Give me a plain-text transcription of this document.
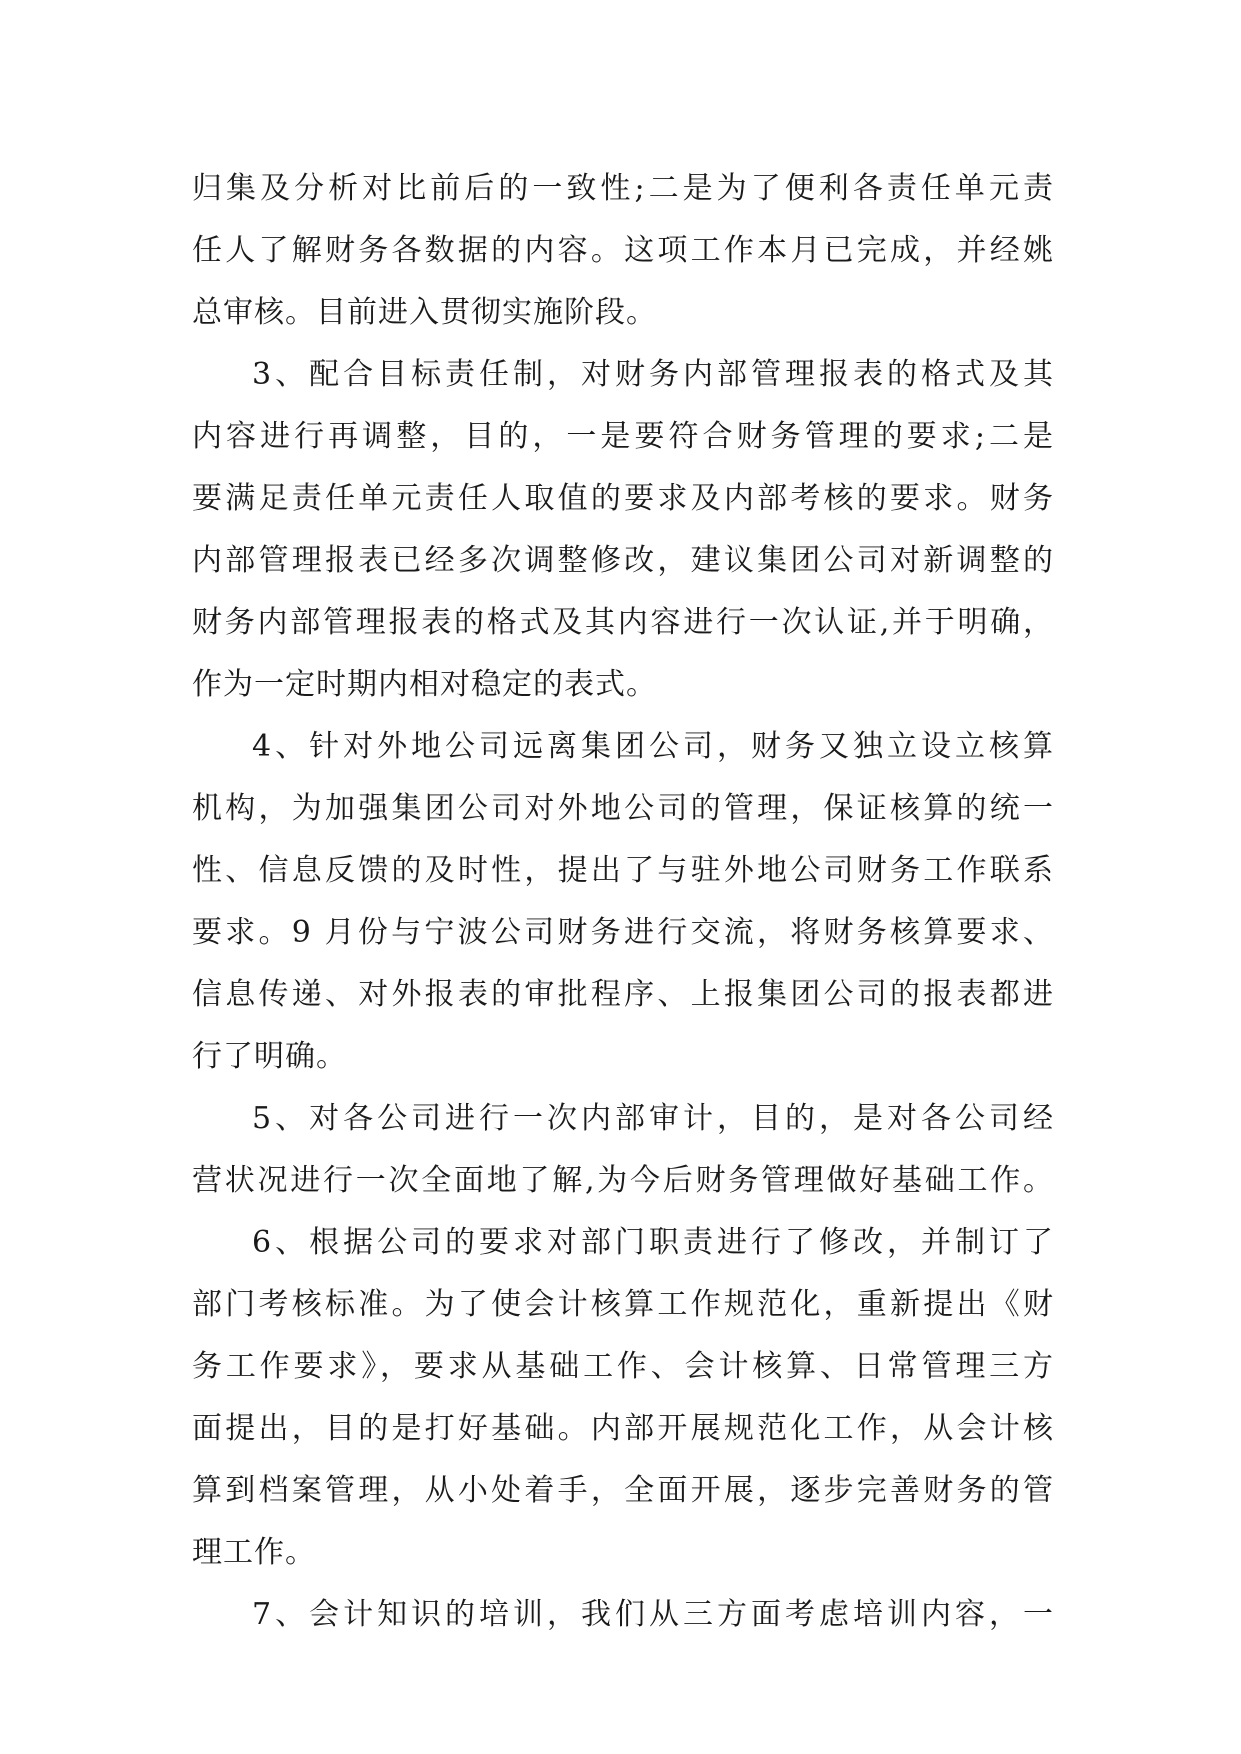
归集及分析对比前后的一致性;二是为了便利各责任单元责
任人了解财务各数据的内容。这项工作本月已完成，并经姚
总审核。目前进入贯彻实施阶段。
3、配合目标责任制，对财务内部管理报表的格式及其
内容进行再调整，目的，一是要符合财务管理的要求;二是
要满足责任单元责任人取值的要求及内部考核的要求。财务
内部管理报表已经多次调整修改，建议集团公司对新调整的
财务内部管理报表的格式及其内容进行一次认证,并于明确，
作为一定时期内相对稳定的表式。
4、针对外地公司远离集团公司，财务又独立设立核算
机构，为加强集团公司对外地公司的管理，保证核算的统一
性、信息反馈的及时性，提出了与驻外地公司财务工作联系
要求。9 月份与宁波公司财务进行交流，将财务核算要求、
信息传递、对外报表的审批程序、上报集团公司的报表都进
行了明确。
5、对各公司进行一次内部审计，目的，是对各公司经
营状况进行一次全面地了解,为今后财务管理做好基础工作。
6、根据公司的要求对部门职责进行了修改，并制订了
部门考核标准。为了使会计核算工作规范化，重新提出《财
务工作要求》，要求从基础工作、会计核算、日常管理三方
面提出，目的是打好基础。内部开展规范化工作，从会计核
算到档案管理，从小处着手，全面开展，逐步完善财务的管
理工作。
7、会计知识的培训，我们从三方面考虑培训内容，一
